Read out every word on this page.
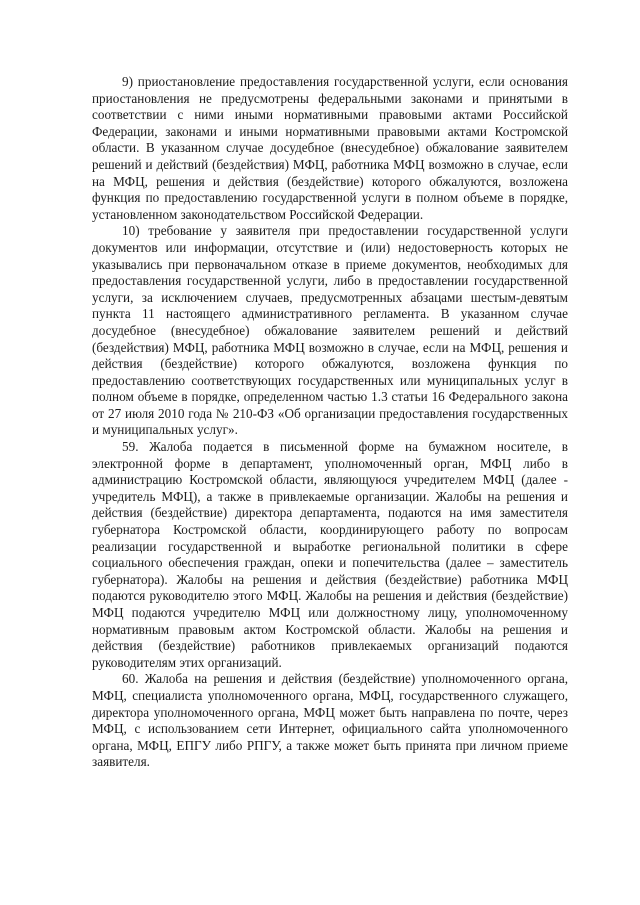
9) приостановление предоставления государственной услуги, если основания приостановления не предусмотрены федеральными законами и принятыми в соответствии с ними иными нормативными правовыми актами Российской Федерации, законами и иными нормативными правовыми актами Костромской области. В указанном случае досудебное (внесудебное) обжалование заявителем решений и действий (бездействия) МФЦ, работника МФЦ возможно в случае, если на МФЦ, решения и действия (бездействие) которого обжалуются, возложена функция по предоставлению государственной услуги в полном объеме в порядке, установленном законодательством Российской Федерации.

10) требование у заявителя при предоставлении государственной услуги документов или информации, отсутствие и (или) недостоверность которых не указывались при первоначальном отказе в приеме документов, необходимых для предоставления государственной услуги, либо в предоставлении государственной услуги, за исключением случаев, предусмотренных абзацами шестым-девятым пункта 11 настоящего административного регламента. В указанном случае досудебное (внесудебное) обжалование заявителем решений и действий (бездействия) МФЦ, работника МФЦ возможно в случае, если на МФЦ, решения и действия (бездействие) которого обжалуются, возложена функция по предоставлению соответствующих государственных или муниципальных услуг в полном объеме в порядке, определенном частью 1.3 статьи 16 Федерального закона от 27 июля 2010 года № 210-ФЗ «Об организации предоставления государственных и муниципальных услуг».

59. Жалоба подается в письменной форме на бумажном носителе, в электронной форме в департамент, уполномоченный орган, МФЦ либо в администрацию Костромской области, являющуюся учредителем МФЦ (далее - учредитель МФЦ), а также в привлекаемые организации. Жалобы на решения и действия (бездействие) директора департамента, подаются на имя заместителя губернатора Костромской области, координирующего работу по вопросам реализации государственной и выработке региональной политики в сфере социального обеспечения граждан, опеки и попечительства (далее – заместитель губернатора). Жалобы на решения и действия (бездействие) работника МФЦ подаются руководителю этого МФЦ. Жалобы на решения и действия (бездействие) МФЦ подаются учредителю МФЦ или должностному лицу, уполномоченному нормативным правовым актом Костромской области. Жалобы на решения и действия (бездействие) работников привлекаемых организаций подаются руководителям этих организаций.

60. Жалоба на решения и действия (бездействие) уполномоченного органа, МФЦ, специалиста уполномоченного органа, МФЦ, государственного служащего, директора уполномоченного органа, МФЦ может быть направлена по почте, через МФЦ, с использованием сети Интернет, официального сайта уполномоченного органа, МФЦ, ЕПГУ либо РПГУ, а также может быть принята при личном приеме заявителя.
